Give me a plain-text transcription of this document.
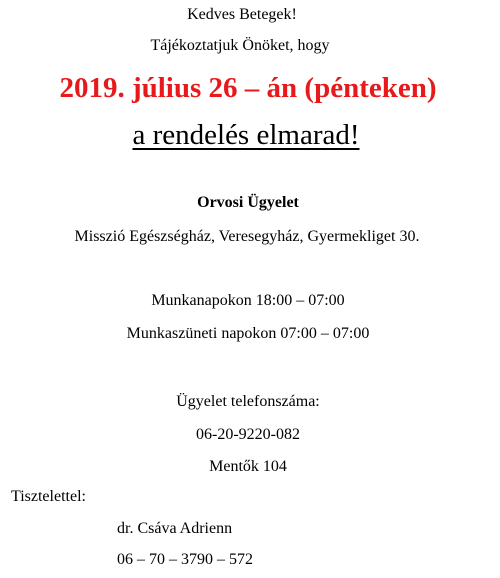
Kedves Betegek!
Tájékoztatjuk Önöket, hogy
2019. július 26 – án (pénteken)
a rendelés elmarad!
Orvosi Ügyelet
Misszió Egészségház, Veresegyház, Gyermekliget 30.
Munkanapokon 18:00 – 07:00
Munkaszüneti napokon 07:00 – 07:00
Ügyelet telefonszáma:
06-20-9220-082
Mentők 104
Tisztelettel:
dr. Csáva Adrienn
06 – 70 – 3790 – 572
